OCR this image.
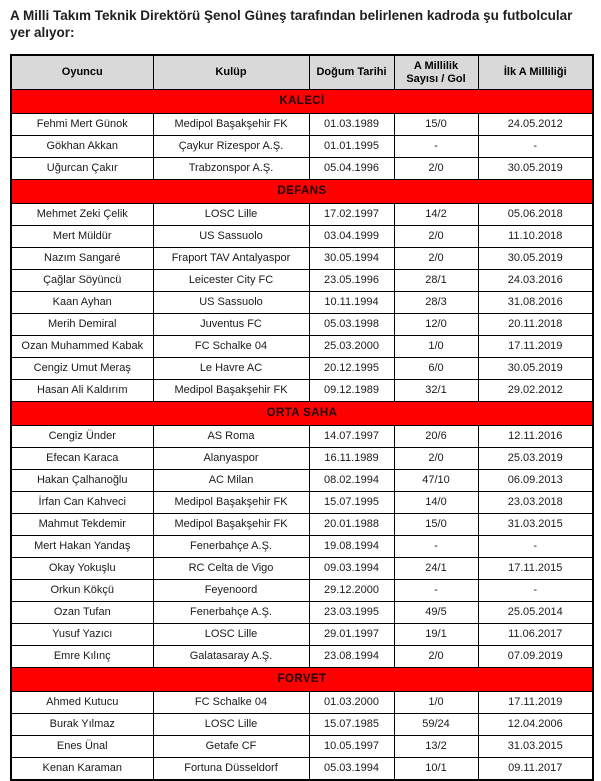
A Milli Takım Teknik Direktörü Şenol Güneş tarafından belirlenen kadroda şu futbolcular yer alıyor:

Oyuncu	Kulüp	Doğum Tarihi	A Millilik Sayısı / Gol	İlk A Milliliği
KALECİ				
Fehmi Mert Günok	Medipol Başakşehir FK	01.03.1989	15/0	24.05.2012
Gökhan Akkan	Çaykur Rizespor A.Ş.	01.01.1995	-	-
Uğurcan Çakır	Trabzonspor A.Ş.	05.04.1996	2/0	30.05.2019
DEFANS				
Mehmet Zeki Çelik	LOSC Lille	17.02.1997	14/2	05.06.2018
Mert Müldür	US Sassuolo	03.04.1999	2/0	11.10.2018
Nazım Sangaré	Fraport TAV Antalyaspor	30.05.1994	2/0	30.05.2019
Çağlar Söyüncü	Leicester City FC	23.05.1996	28/1	24.03.2016
Kaan Ayhan	US Sassuolo	10.11.1994	28/3	31.08.2016
Merih Demiral	Juventus FC	05.03.1998	12/0	20.11.2018
Ozan Muhammed Kabak	FC Schalke 04	25.03.2000	1/0	17.11.2019
Cengiz Umut Meraş	Le Havre AC	20.12.1995	6/0	30.05.2019
Hasan Ali Kaldırım	Medipol Başakşehir FK	09.12.1989	32/1	29.02.2012
ORTA SAHA				
Cengiz Ünder	AS Roma	14.07.1997	20/6	12.11.2016
Efecan Karaca	Alanyaspor	16.11.1989	2/0	25.03.2019
Hakan Çalhanoğlu	AC Milan	08.02.1994	47/10	06.09.2013
İrfan Can Kahveci	Medipol Başakşehir FK	15.07.1995	14/0	23.03.2018
Mahmut Tekdemir	Medipol Başakşehir FK	20.01.1988	15/0	31.03.2015
Mert Hakan Yandaş	Fenerbahçe A.Ş.	19.08.1994	-	-
Okay Yokuşlu	RC Celta de Vigo	09.03.1994	24/1	17.11.2015
Orkun Kökçü	Feyenoord	29.12.2000	-	-
Ozan Tufan	Fenerbahçe A.Ş.	23.03.1995	49/5	25.05.2014
Yusuf Yazıcı	LOSC Lille	29.01.1997	19/1	11.06.2017
Emre Kılınç	Galatasaray A.Ş.	23.08.1994	2/0	07.09.2019
FORVET				
Ahmed Kutucu	FC Schalke 04	01.03.2000	1/0	17.11.2019
Burak Yılmaz	LOSC Lille	15.07.1985	59/24	12.04.2006
Enes Ünal	Getafe CF	10.05.1997	13/2	31.03.2015
Kenan Karaman	Fortuna Düsseldorf	05.03.1994	10/1	09.11.2017
